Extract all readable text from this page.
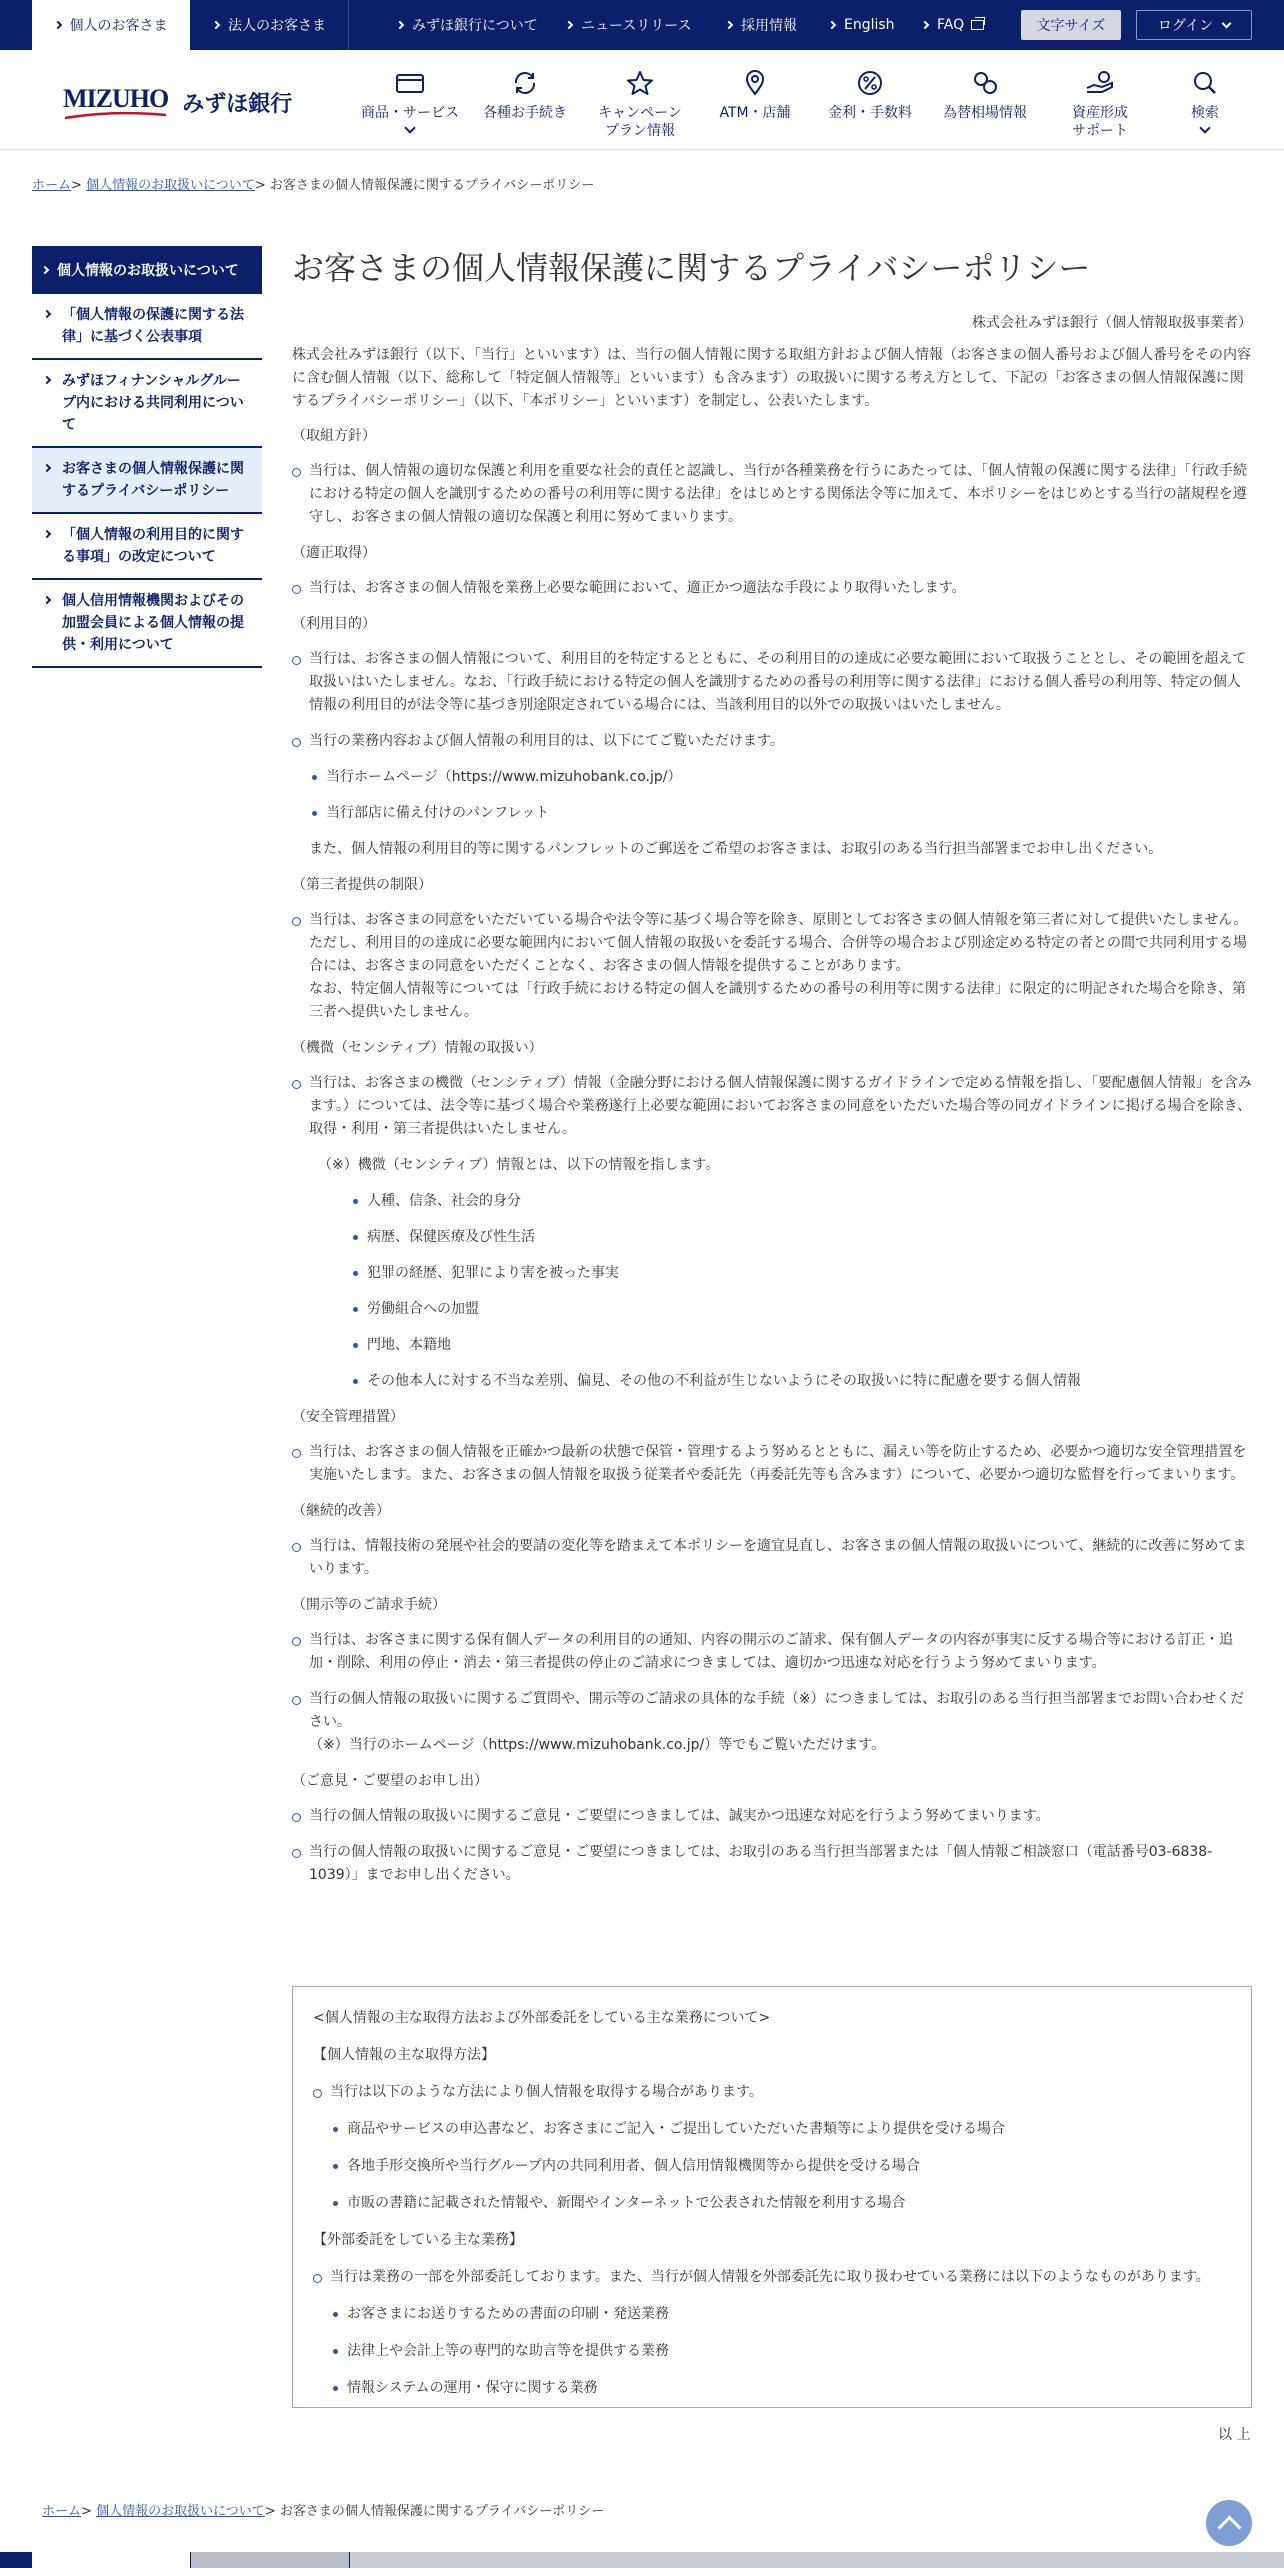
個人のお客さま	法人のお客さま	みずほ銀行について	ニュースリリース	採用情報	English	FAQ	文字サイズ	ログイン
MIZUHO みずほ銀行	商品・サービス	各種お手続き	キャンペーン
プラン情報
ATM・店舗	金利・手数料	為替相場情報	資産形成
サポート
検索
ホーム> 個人情報のお取扱いについて> お客さまの個人情報保護に関するプライバシーポリシー
個人情報のお取扱いについて
「個人情報の保護に関する法律」に基づく公表事項
みずほフィナンシャルグループ内における共同利用について
お客さまの個人情報保護に関するプライバシーポリシー
「個人情報の利用目的に関する事項」の改定について
個人信用情報機関およびその加盟会員による個人情報の提供・利用について
お客さまの個人情報保護に関するプライバシーポリシー
株式会社みずほ銀行（個人情報取扱事業者）

株式会社みずほ銀行（以下、「当行」といいます）は、当行の個人情報に関する取組方針および個人情報（お客さまの個人番号および個人番号をその内容に含む個人情報（以下、総称して「特定個人情報等」といいます）も含みます）の取扱いに関する考え方として、下記の「お客さまの個人情報保護に関するプライバシーポリシー」（以下、「本ポリシー」といいます）を制定し、公表いたします。

（取組方針）
当行は、個人情報の適切な保護と利用を重要な社会的責任と認識し、当行が各種業務を行うにあたっては、「個人情報の保護に関する法律」「行政手続における特定の個人を識別するための番号の利用等に関する法律」をはじめとする関係法令等に加えて、本ポリシーをはじめとする当行の諸規程を遵守し、お客さまの個人情報の適切な保護と利用に努めてまいります。
（適正取得）
当行は、お客さまの個人情報を業務上必要な範囲において、適正かつ適法な手段により取得いたします。
（利用目的）
当行は、お客さまの個人情報について、利用目的を特定するとともに、その利用目的の達成に必要な範囲において取扱うこととし、その範囲を超えて取扱いはいたしません。なお、「行政手続における特定の個人を識別するための番号の利用等に関する法律」における個人番号の利用等、特定の個人情報の利用目的が法令等に基づき別途限定されている場合には、当該利用目的以外での取扱いはいたしません。
当行の業務内容および個人情報の利用目的は、以下にてご覧いただけます。
当行ホームページ（https://www.mizuhobank.co.jp/）
当行部店に備え付けのパンフレット

また、個人情報の利用目的等に関するパンフレットのご郵送をご希望のお客さまは、お取引のある当行担当部署までお申し出ください。

（第三者提供の制限）
当行は、お客さまの同意をいただいている場合や法令等に基づく場合等を除き、原則としてお客さまの個人情報を第三者に対して提供いたしません。ただし、利用目的の達成に必要な範囲内において個人情報の取扱いを委託する場合、合併等の場合および別途定める特定の者との間で共同利用する場合には、お客さまの同意をいただくことなく、お客さまの個人情報を提供することがあります。
なお、特定個人情報等については「行政手続における特定の個人を識別するための番号の利用等に関する法律」に限定的に明記された場合を除き、第三者へ提供いたしません。
（機微（センシティブ）情報の取扱い）
当行は、お客さまの機微（センシティブ）情報（金融分野における個人情報保護に関するガイドラインで定める情報を指し、「要配慮個人情報」を含みます。）については、法令等に基づく場合や業務遂行上必要な範囲においてお客さまの同意をいただいた場合等の同ガイドラインに掲げる場合を除き、取得・利用・第三者提供はいたしません。

（※）機微（センシティブ）情報とは、以下の情報を指します。

人種、信条、社会的身分
病歴、保健医療及び性生活
犯罪の経歴、犯罪により害を被った事実
労働組合への加盟
門地、本籍地
その他本人に対する不当な差別、偏見、その他の不利益が生じないようにその取扱いに特に配慮を要する個人情報
（安全管理措置）
当行は、お客さまの個人情報を正確かつ最新の状態で保管・管理するよう努めるとともに、漏えい等を防止するため、必要かつ適切な安全管理措置を実施いたします。また、お客さまの個人情報を取扱う従業者や委託先（再委託先等も含みます）について、必要かつ適切な監督を行ってまいります。
（継続的改善）
当行は、情報技術の発展や社会的要請の変化等を踏まえて本ポリシーを適宜見直し、お客さまの個人情報の取扱いについて、継続的に改善に努めてまいります。
（開示等のご請求手続）
当行は、お客さまに関する保有個人データの利用目的の通知、内容の開示のご請求、保有個人データの内容が事実に反する場合等における訂正・追加・削除、利用の停止・消去・第三者提供の停止のご請求につきましては、適切かつ迅速な対応を行うよう努めてまいります。
当行の個人情報の取扱いに関するご質問や、開示等のご請求の具体的な手続（※）につきましては、お取引のある当行担当部署までお問い合わせください。
（※）当行のホームページ（https://www.mizuhobank.co.jp/）等でもご覧いただけます。
（ご意見・ご要望のお申し出）
当行の個人情報の取扱いに関するご意見・ご要望につきましては、誠実かつ迅速な対応を行うよう努めてまいります。
当行の個人情報の取扱いに関するご意見・ご要望につきましては、お取引のある当行担当部署または「個人情報ご相談窓口（電話番号03-6838-1039）」までお申し出ください。
<個人情報の主な取得方法および外部委託をしている主な業務について>
【個人情報の主な取得方法】
当行は以下のような方法により個人情報を取得する場合があります。
商品やサービスの申込書など、お客さまにご記入・ご提出していただいた書類等により提供を受ける場合
各地手形交換所や当行グループ内の共同利用者、個人信用情報機関等から提供を受ける場合
市販の書籍に記載された情報や、新聞やインターネットで公表された情報を利用する場合
【外部委託をしている主な業務】
当行は業務の一部を外部委託しております。また、当行が個人情報を外部委託先に取り扱わせている業務には以下のようなものがあります。
お客さまにお送りするための書面の印刷・発送業務
法律上や会計上等の専門的な助言等を提供する業務
情報システムの運用・保守に関する業務
以 上
ホーム> 個人情報のお取扱いについて> お客さまの個人情報保護に関するプライバシーポリシー
